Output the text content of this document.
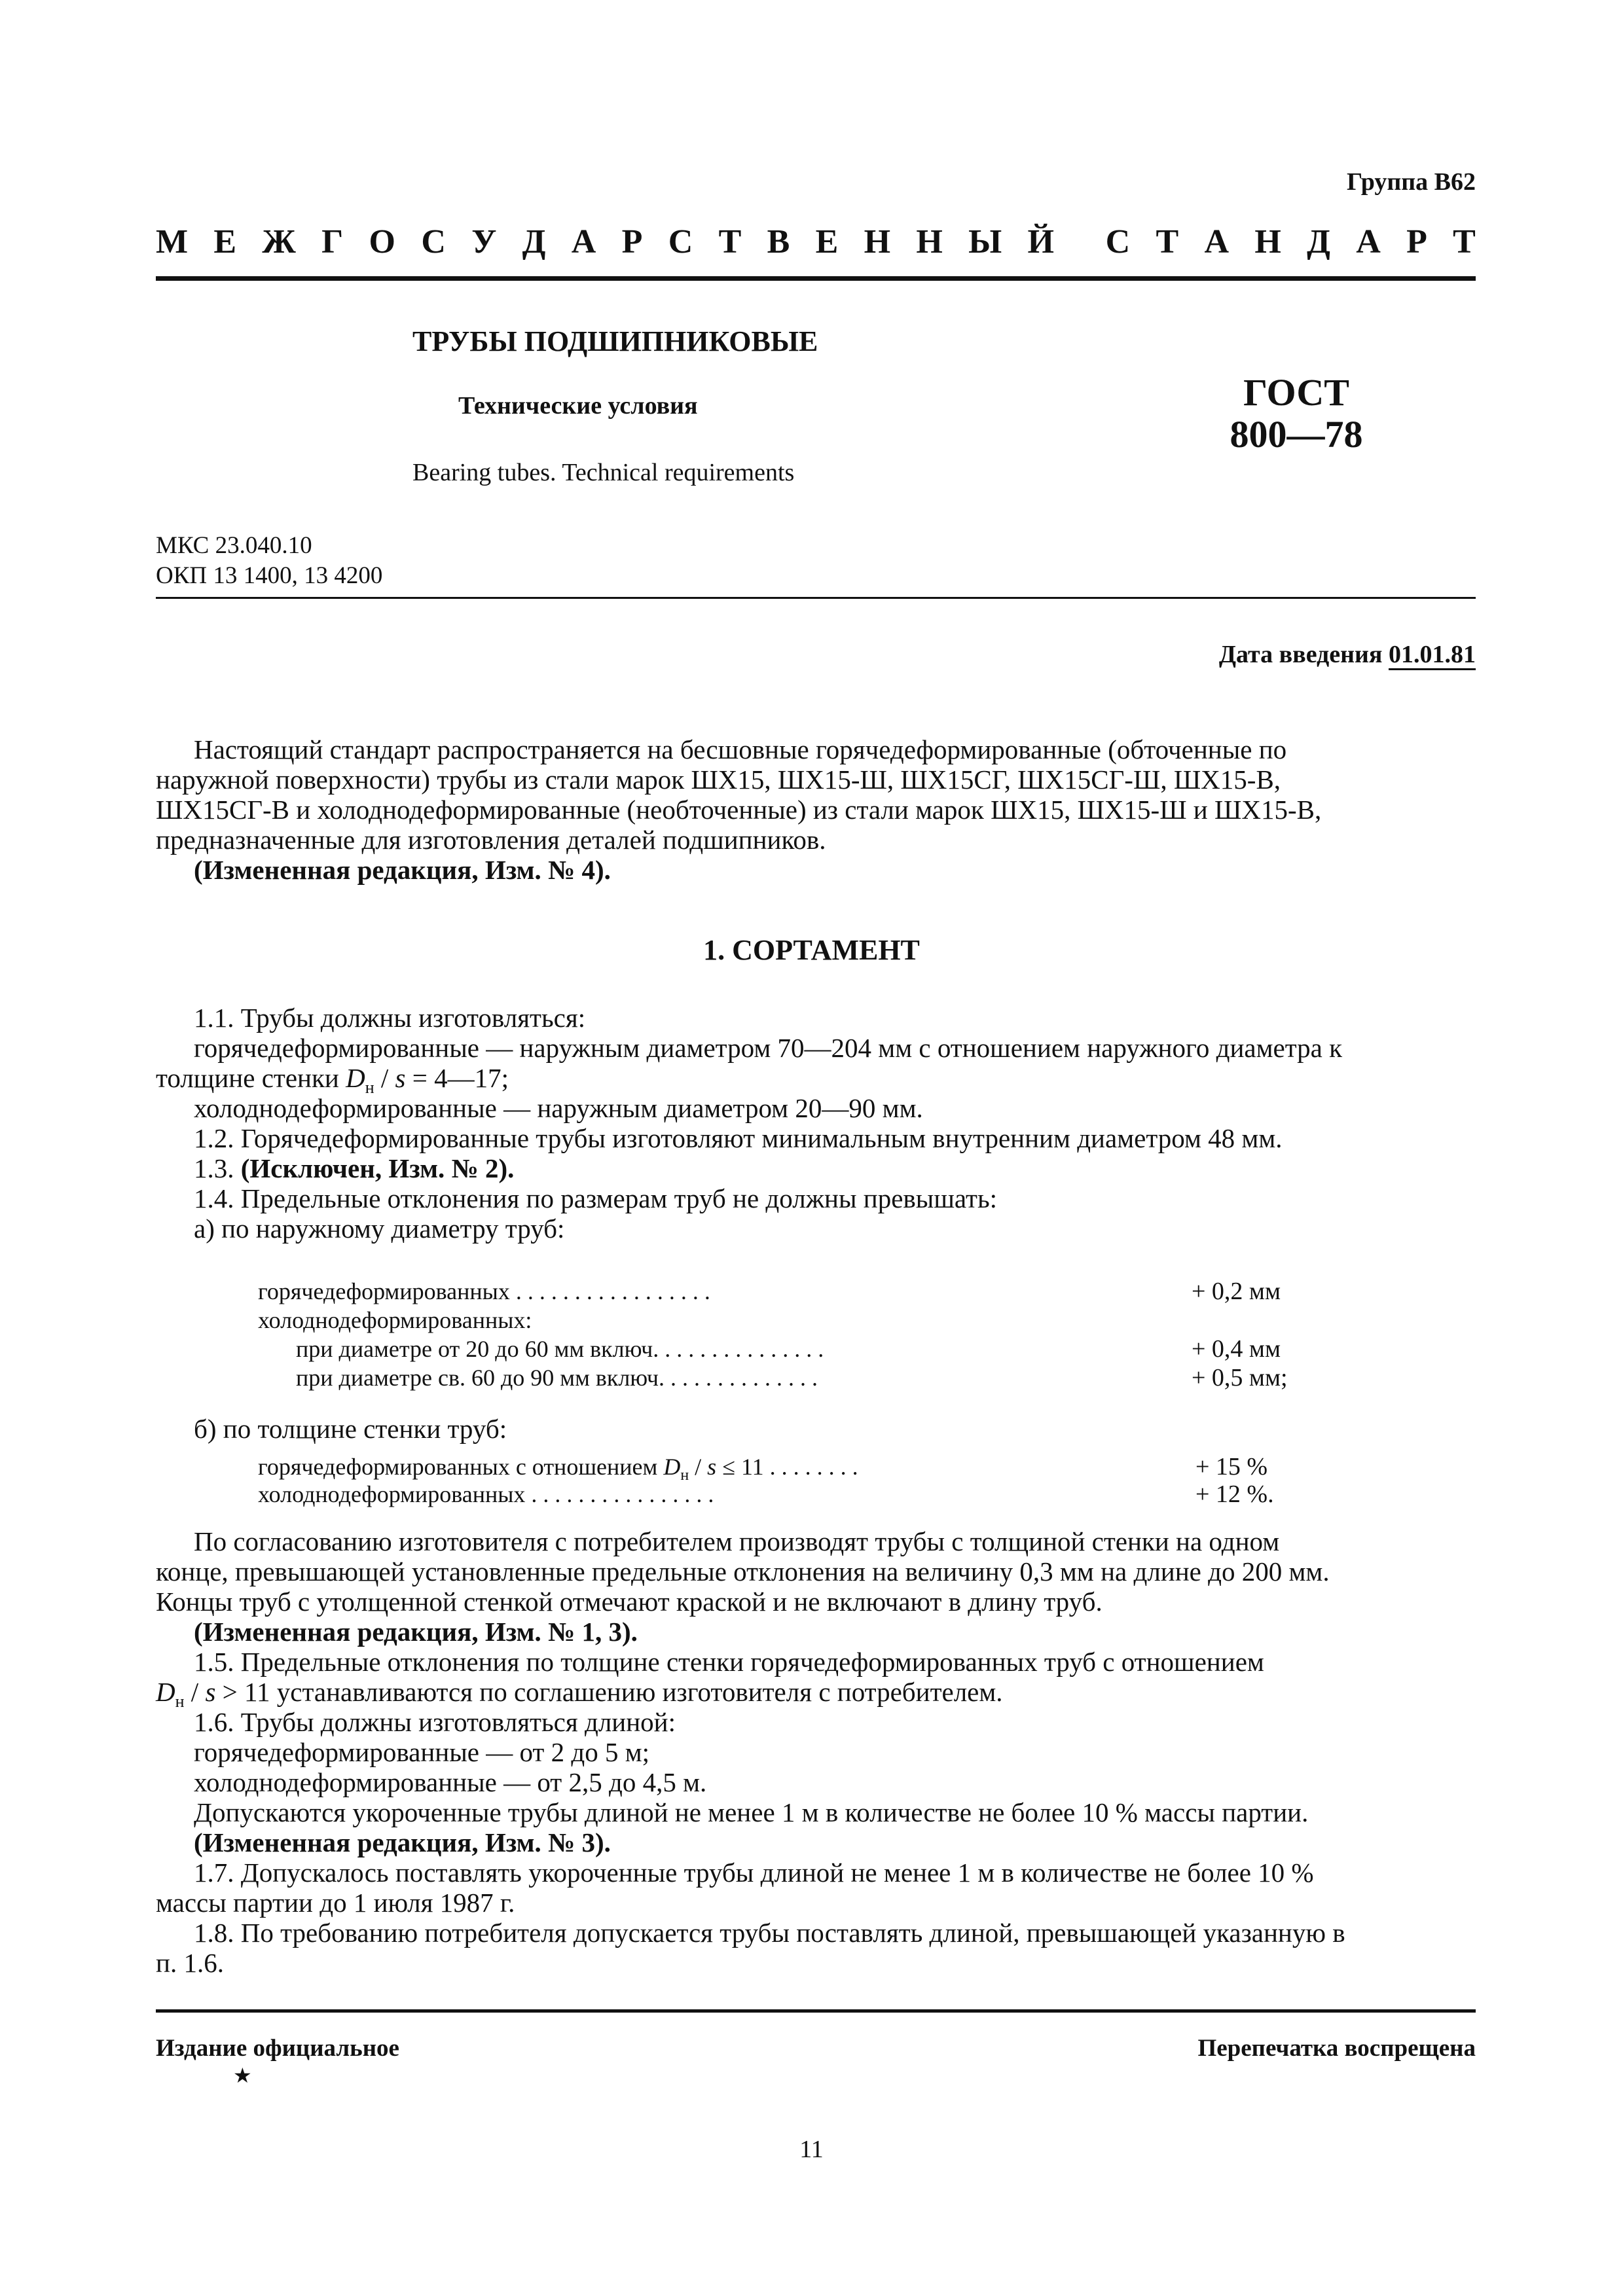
Группа В62
М Е Ж Г О С У Д А Р С Т В Е Н Н Ы Й С Т А Н Д А Р Т
ТРУБЫ ПОДШИПНИКОВЫЕ
Технические условия
Bearing tubes. Technical requirements
ГОСТ
800—78
МКС 23.040.10
ОКП 13 1400, 13 4200
Дата введения 01.01.81
Настоящий стандарт распространяется на бесшовные горячедеформированные (обточенные по
наружной поверхности) трубы из стали марок ШХ15, ШХ15-Ш, ШХ15СГ, ШХ15СГ-Ш, ШХ15-В,
ШХ15СГ-В и холоднодеформированные (необточенные) из стали марок ШХ15, ШХ15-Ш и ШХ15-В,
предназначенные для изготовления деталей подшипников.
(Измененная редакция, Изм. № 4).
1. СОРТАМЕНТ
1.1. Трубы должны изготовляться:
горячедеформированные — наружным диаметром 70—204 мм с отношением наружного диаметра к
толщине стенки $D_н$ / s = 4—17;
холоднодеформированные — наружным диаметром 20—90 мм.
1.2. Горячедеформированные трубы изготовляют минимальным внутренним диаметром 48 мм.
1.3. (Исключен, Изм. № 2).
1.4. Предельные отклонения по размерам труб не должны превышать:
а) по наружному диаметру труб:
горячедеформированных . . . . . . . . . . . . . . . . .	+ 0,2 мм
холоднодеформированных:
при диаметре от 20 до 60 мм включ. . . . . . . . . . . . . . .	+ 0,4 мм
при диаметре св. 60 до 90 мм включ. . . . . . . . . . . . . .	+ 0,5 мм;
б) по толщине стенки труб:
горячедеформированных с отношением $D_н / s \le 11$ . . . . . . . .	+ 15 %
холоднодеформированных . . . . . . . . . . . . . . . .	+ 12 %.
По согласованию изготовителя с потребителем производят трубы с толщиной стенки на одном
конце, превышающей установленные предельные отклонения на величину 0,3 мм на длине до 200 мм.
Концы труб с утолщенной стенкой отмечают краской и не включают в длину труб.
(Измененная редакция, Изм. № 1, 3).
1.5. Предельные отклонения по толщине стенки горячедеформированных труб с отношением
$D_н / s > 11$ устанавливаются по соглашению изготовителя с потребителем.
1.6. Трубы должны изготовляться длиной:
горячедеформированные — от 2 до 5 м;
холоднодеформированные — от 2,5 до 4,5 м.
Допускаются укороченные трубы длиной не менее 1 м в количестве не более 10 % массы партии.
(Измененная редакция, Изм. № 3).
1.7. Допускалось поставлять укороченные трубы длиной не менее 1 м в количестве не более 10 %
массы партии до 1 июля 1987 г.
1.8. По требованию потребителя допускается трубы поставлять длиной, превышающей указанную в
п. 1.6.
Издание официальное	Перепечатка воспрещена
★
11
